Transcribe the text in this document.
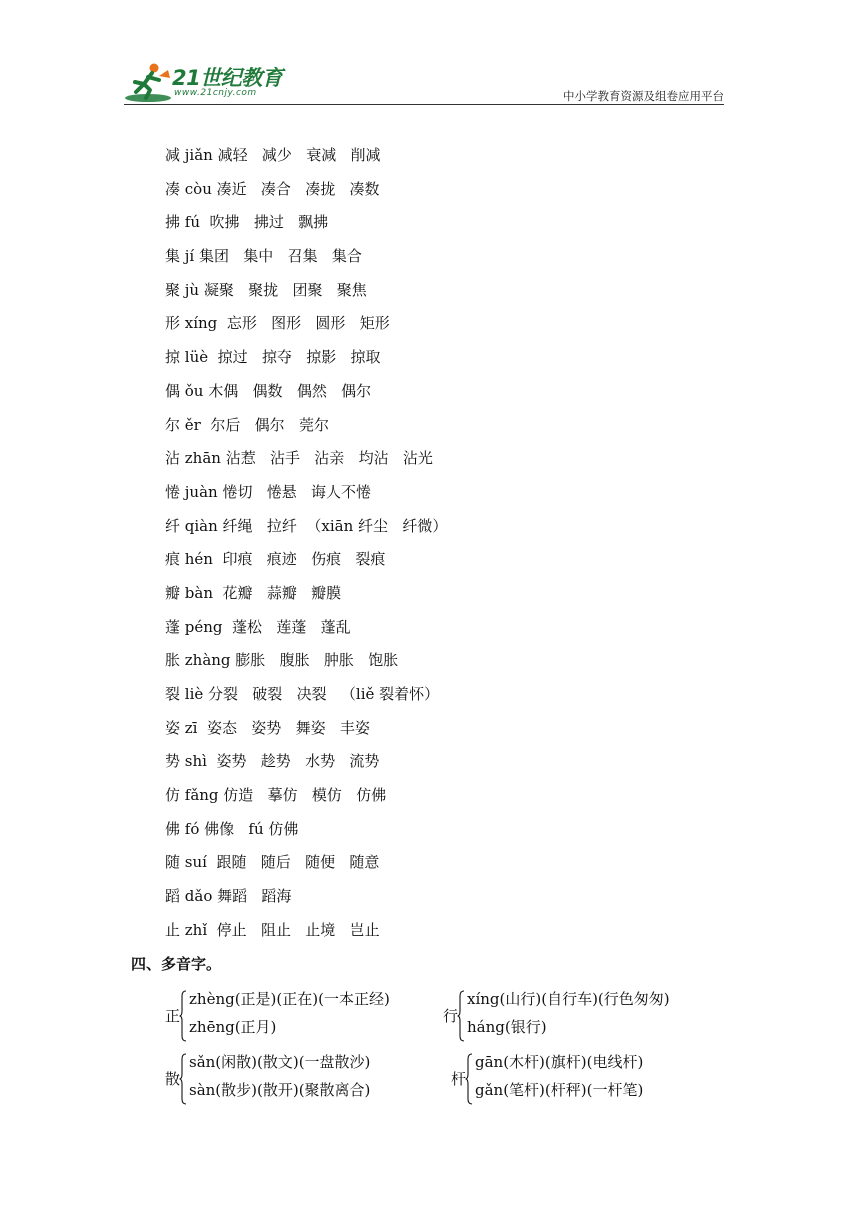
21世纪教育
www.21cnjy.com	中小学教育资源及组卷应用平台
减 jiǎn 减轻   减少   衰减   削减
凑 còu 凑近   凑合   凑拢   凑数
拂 fú  吹拂   拂过   飘拂
集 jí 集团   集中   召集   集合
聚 jù 凝聚   聚拢   团聚   聚焦
形 xíng  忘形   图形   圆形   矩形
掠 lüè  掠过   掠夺   掠影   掠取
偶 ǒu 木偶   偶数   偶然   偶尔
尔 ěr  尔后   偶尔   莞尔
沾 zhān 沾惹   沾手   沾亲   均沾   沾光
惓 juàn 惓切   惓悬   诲人不惓
纤 qiàn 纤绳   拉纤  （xiān 纤尘   纤微）
痕 hén  印痕   痕迹   伤痕   裂痕
瓣 bàn  花瓣   蒜瓣   瓣膜
蓬 péng  蓬松   莲蓬   蓬乱
胀 zhàng 膨胀   腹胀   肿胀   饱胀
裂 liè 分裂   破裂   决裂   （liě 裂着怀）
姿 zī  姿态   姿势   舞姿   丰姿
势 shì  姿势   趁势   水势   流势
仿 fǎng 仿造   摹仿   模仿   仿佛
佛 fó 佛像   fú 仿佛
随 suí  跟随   随后   随便   随意
蹈 dǎo 舞蹈   蹈海
止 zhǐ  停止   阻止   止境   岂止
四、多音字。
正
zhèng(正是)(正在)(一本正经)
zhēng(正月)
行
xíng(山行)(自行车)(行色匆匆)
háng(银行)
散
sǎn(闲散)(散文)(一盘散沙)
sàn(散步)(散开)(聚散离合)
杆
gān(木杆)(旗杆)(电线杆)
gǎn(笔杆)(杆秤)(一杆笔)
